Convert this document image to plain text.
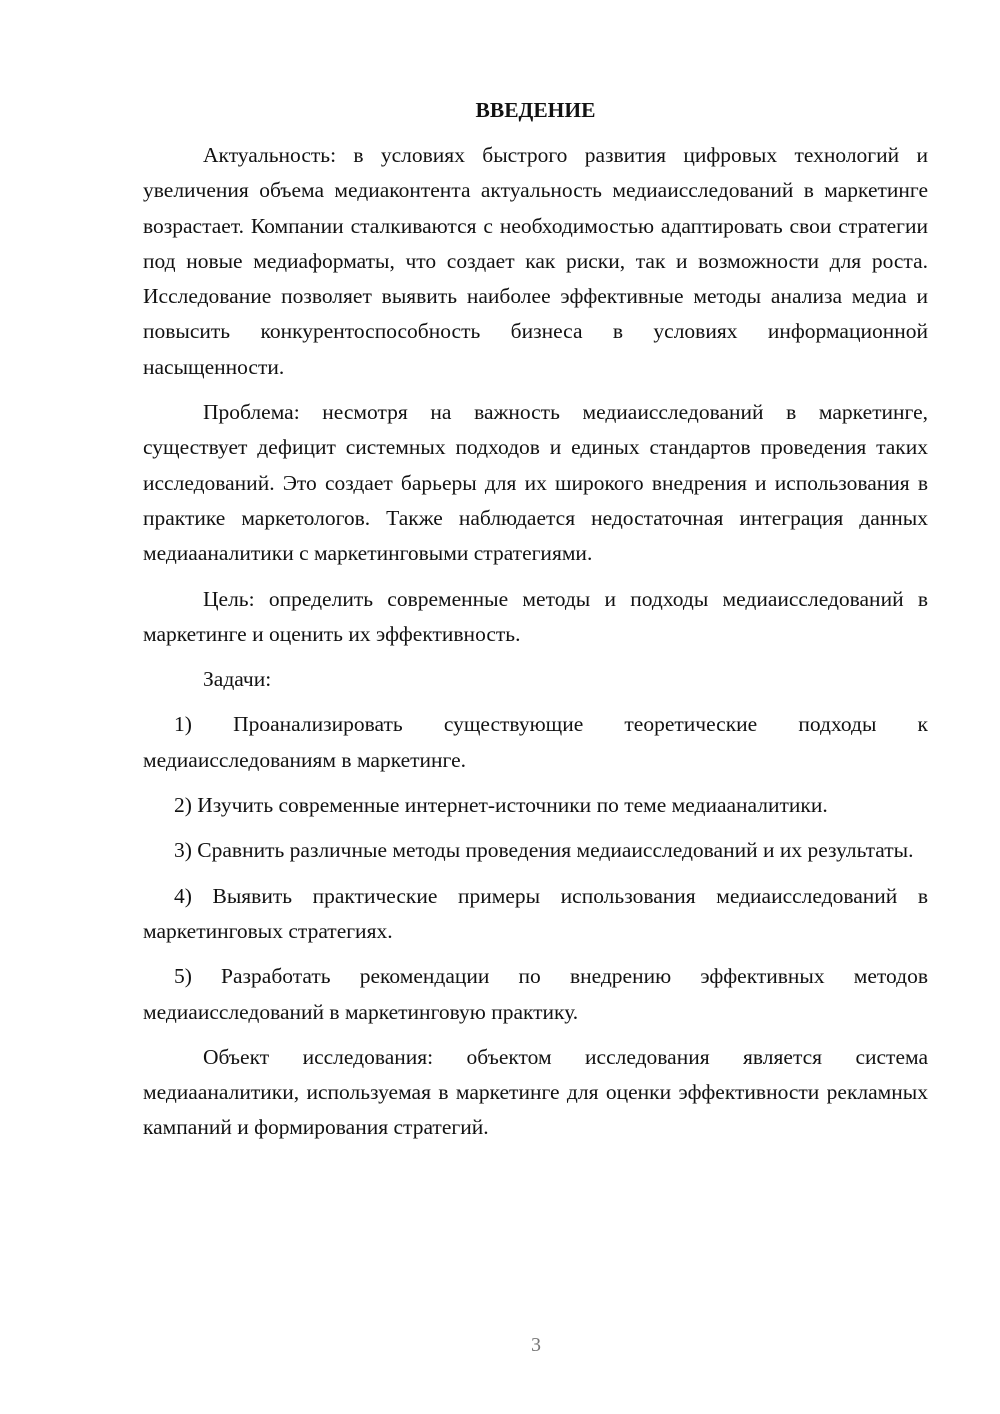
ВВЕДЕНИЕ

Актуальность: в условиях быстрого развития цифровых технологий и увеличения объема медиаконтента актуальность медиаисследований в маркетинге возрастает. Компании сталкиваются с необходимостью адаптировать свои стратегии под новые медиаформаты, что создает как риски, так и возможности для роста. Исследование позволяет выявить наиболее эффективные методы анализа медиа и повысить конкурентоспособность бизнеса в условиях информационной насыщенности.

Проблема: несмотря на важность медиаисследований в маркетинге, существует дефицит системных подходов и единых стандартов проведения таких исследований. Это создает барьеры для их широкого внедрения и использования в практике маркетологов. Также наблюдается недостаточная интеграция данных медиааналитики с маркетинговыми стратегиями.

Цель: определить современные методы и подходы медиаисследований в маркетинге и оценить их эффективность.

Задачи:

1) Проанализировать существующие теоретические подходы к медиаисследованиям в маркетинге.

2) Изучить современные интернет-источники по теме медиааналитики.

3) Сравнить различные методы проведения медиаисследований и их результаты.

4) Выявить практические примеры использования медиаисследований в маркетинговых стратегиях.

5) Разработать рекомендации по внедрению эффективных методов медиаисследований в маркетинговую практику.

Объект исследования: объектом исследования является система медиааналитики, используемая в маркетинге для оценки эффективности рекламных кампаний и формирования стратегий.

3
